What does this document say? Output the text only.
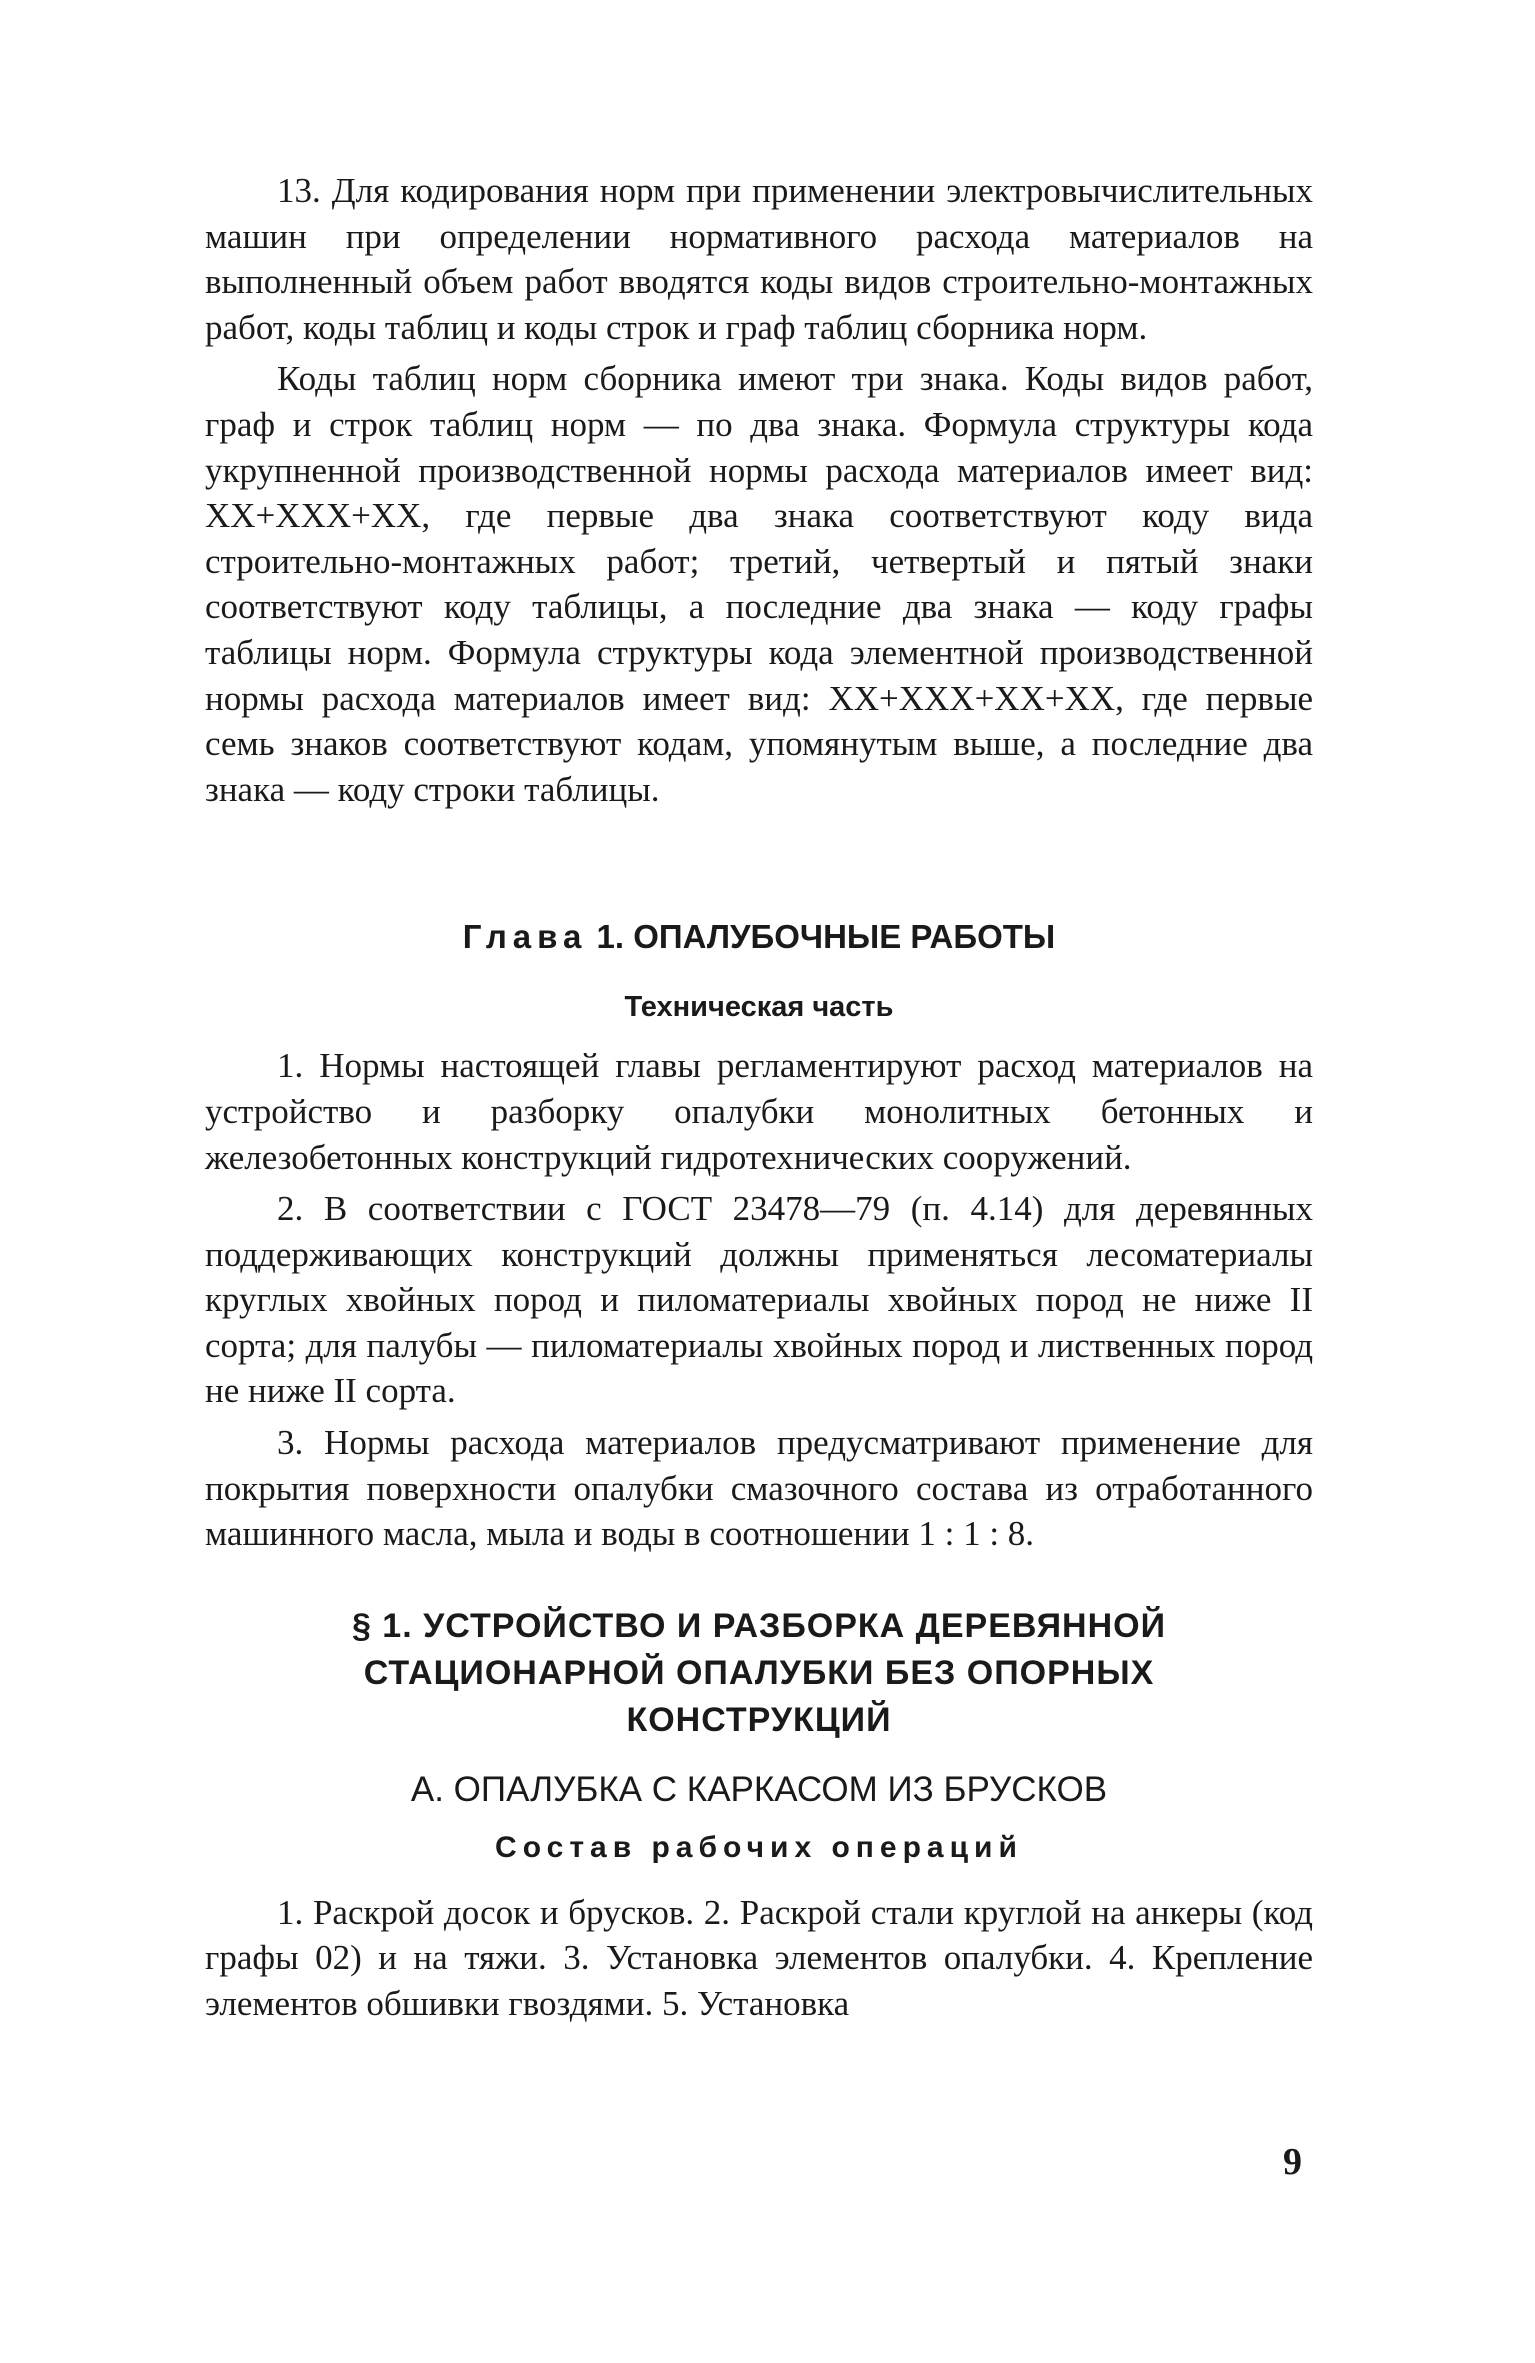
13. Для кодирования норм при применении электровычислительных машин при определении нормативного расхода материалов на выполненный объем работ вводятся коды видов строительно-монтажных работ, коды таблиц и коды строк и граф таблиц сборника норм.

Коды таблиц норм сборника имеют три знака. Коды видов работ, граф и строк таблиц норм — по два знака. Формула структуры кода укрупненной производственной нормы расхода материалов имеет вид: XX+XXX+XX, где первые два знака соответствуют коду вида строительно-монтажных работ; третий, четвертый и пятый знаки соответствуют коду таблицы, а последние два знака — коду графы таблицы норм. Формула структуры кода элементной производственной нормы расхода материалов имеет вид: XX+XXX+XX+XX, где первые семь знаков соответствуют кодам, упомянутым выше, а последние два знака — коду строки таблицы.

Глава 1. ОПАЛУБОЧНЫЕ РАБОТЫ
Техническая часть

1. Нормы настоящей главы регламентируют расход материалов на устройство и разборку опалубки монолитных бетонных и железобетонных конструкций гидротехнических сооружений.

2. В соответствии с ГОСТ 23478—79 (п. 4.14) для деревянных поддерживающих конструкций должны применяться лесоматериалы круглых хвойных пород и пиломатериалы хвойных пород не ниже II сорта; для палубы — пиломатериалы хвойных пород и лиственных пород не ниже II сорта.

3. Нормы расхода материалов предусматривают применение для покрытия поверхности опалубки смазочного состава из отработанного машинного масла, мыла и воды в соотношении 1 : 1 : 8.

§ 1. УСТРОЙСТВО И РАЗБОРКА ДЕРЕВЯННОЙ
СТАЦИОНАРНОЙ ОПАЛУБКИ БЕЗ ОПОРНЫХ
КОНСТРУКЦИЙ
А. ОПАЛУБКА С КАРКАСОМ ИЗ БРУСКОВ
Состав рабочих операций

1. Раскрой досок и брусков. 2. Раскрой стали круглой на анкеры (код графы 02) и на тяжи. 3. Установка элементов опалубки. 4. Крепление элементов обшивки гвоздями. 5. Установка

9
